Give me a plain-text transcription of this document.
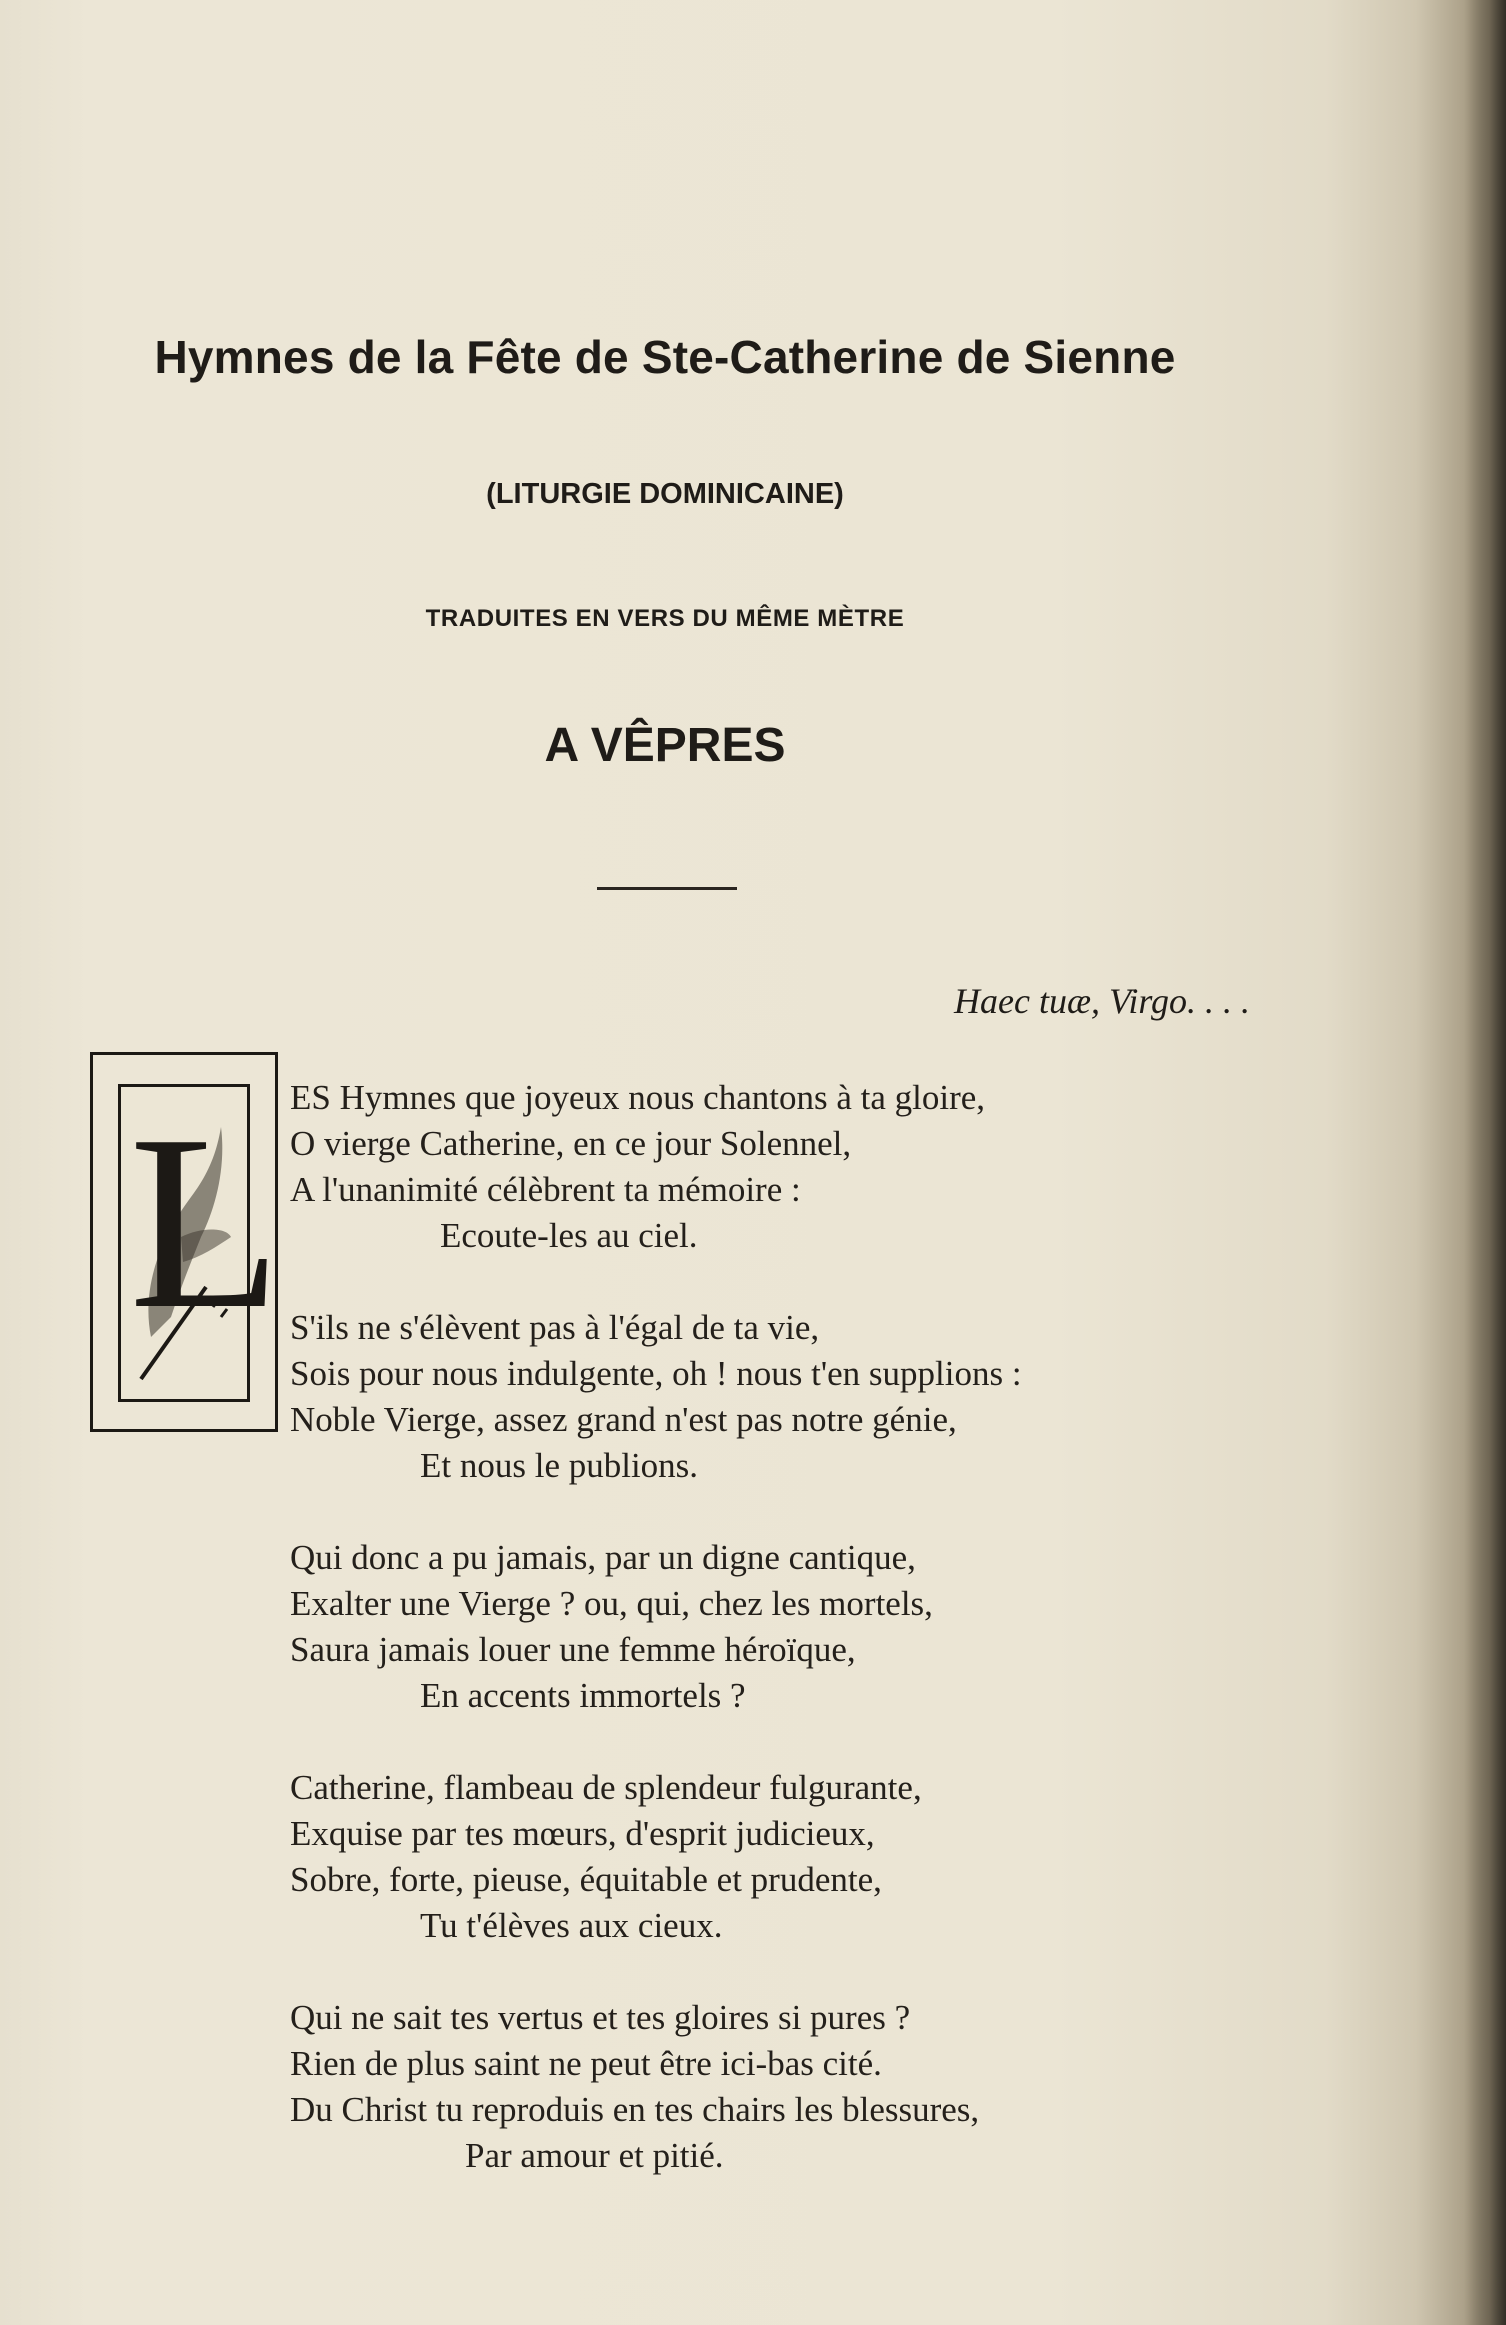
Hymnes de la Fête de Ste-Catherine de Sienne
(LITURGIE DOMINICAINE)
TRADUITES EN VERS DU MÊME MÈTRE
A VÊPRES
Haec tuæ, Virgo. . . .
L ES Hymnes que joyeux nous chantons à ta gloire,
O vierge Catherine, en ce jour Solennel,
A l'unanimité célèbrent ta mémoire :
Ecoute-les au ciel.
S'ils ne s'élèvent pas à l'égal de ta vie,
Sois pour nous indulgente, oh ! nous t'en supplions :
Noble Vierge, assez grand n'est pas notre génie,
Et nous le publions.
Qui donc a pu jamais, par un digne cantique,
Exalter une Vierge ? ou, qui, chez les mortels,
Saura jamais louer une femme héroïque,
En accents immortels ?
Catherine, flambeau de splendeur fulgurante,
Exquise par tes mœurs, d'esprit judicieux,
Sobre, forte, pieuse, équitable et prudente,
Tu t'élèves aux cieux.
Qui ne sait tes vertus et tes gloires si pures ?
Rien de plus saint ne peut être ici-bas cité.
Du Christ tu reproduis en tes chairs les blessures,
Par amour et pitié.
